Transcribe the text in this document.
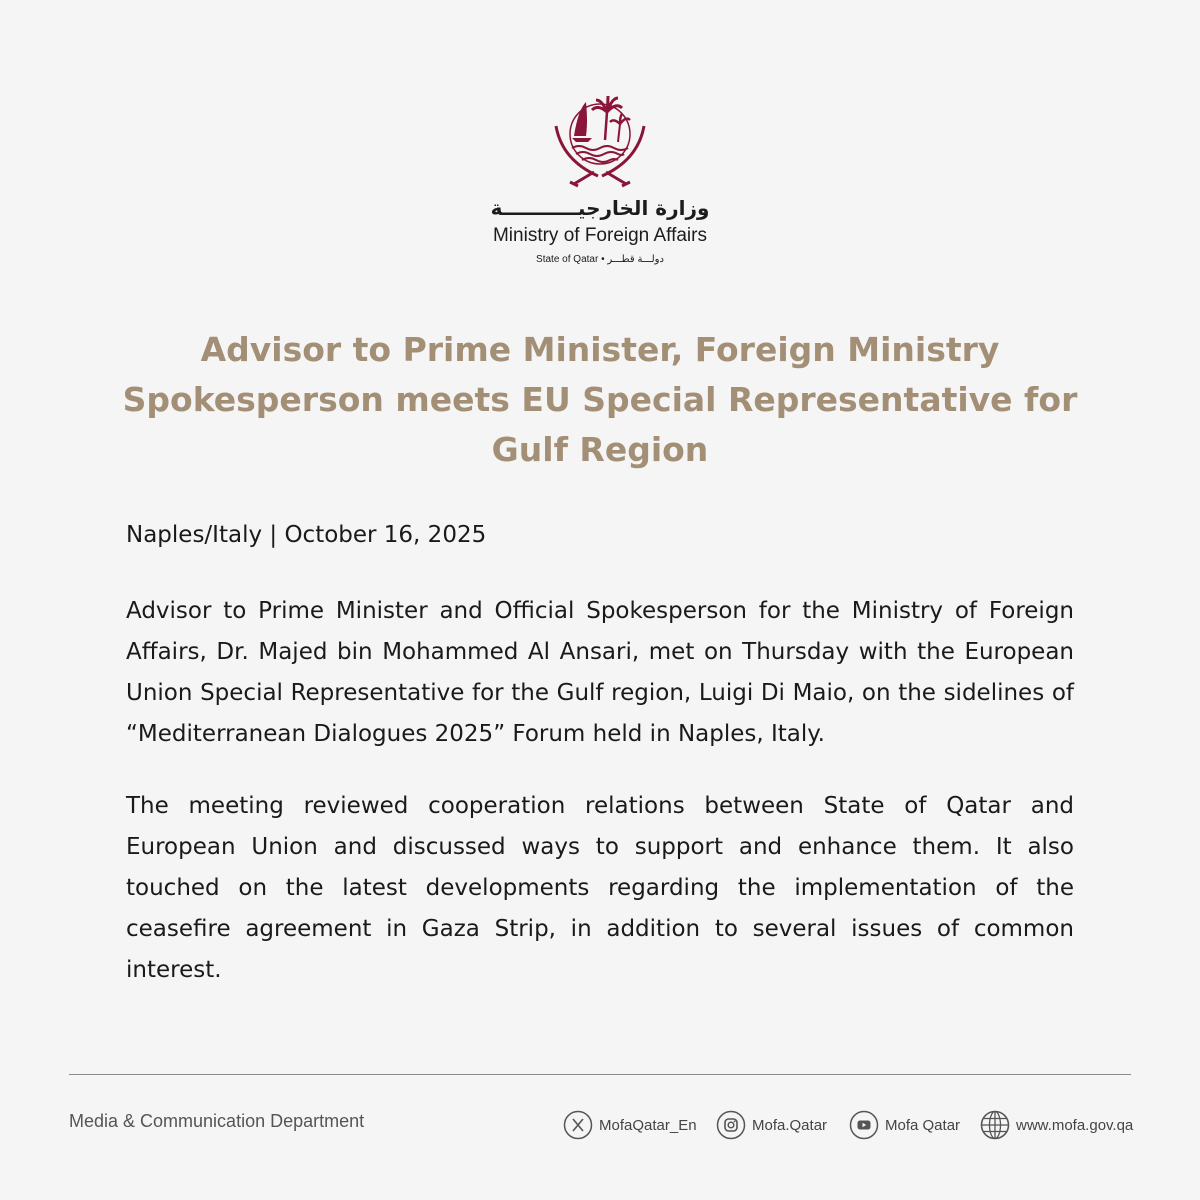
وزارة الخارجيـــــــــــة
Ministry of Foreign Affairs
State of Qatar • دولـــة قطـــر
Advisor to Prime Minister, Foreign Ministry Spokesperson meets EU Special Representative for Gulf Region
Naples/Italy | October 16, 2025

Advisor to Prime Minister and Official Spokesperson for the Ministry of Foreign Affairs, Dr. Majed bin Mohammed Al Ansari, met on Thursday with the European Union Special Representative for the Gulf region, Luigi Di Maio, on the sidelines of “Mediterranean Dialogues 2025” Forum held in Naples, Italy.

The meeting reviewed cooperation relations between State of Qatar and European Union and discussed ways to support and enhance them. It also touched on the latest developments regarding the implementation of the ceasefire agreement in Gaza Strip, in addition to several issues of common interest.

Media & Communication Department	MofaQatar_En	Mofa.Qatar	Mofa Qatar	www.mofa.gov.qa
